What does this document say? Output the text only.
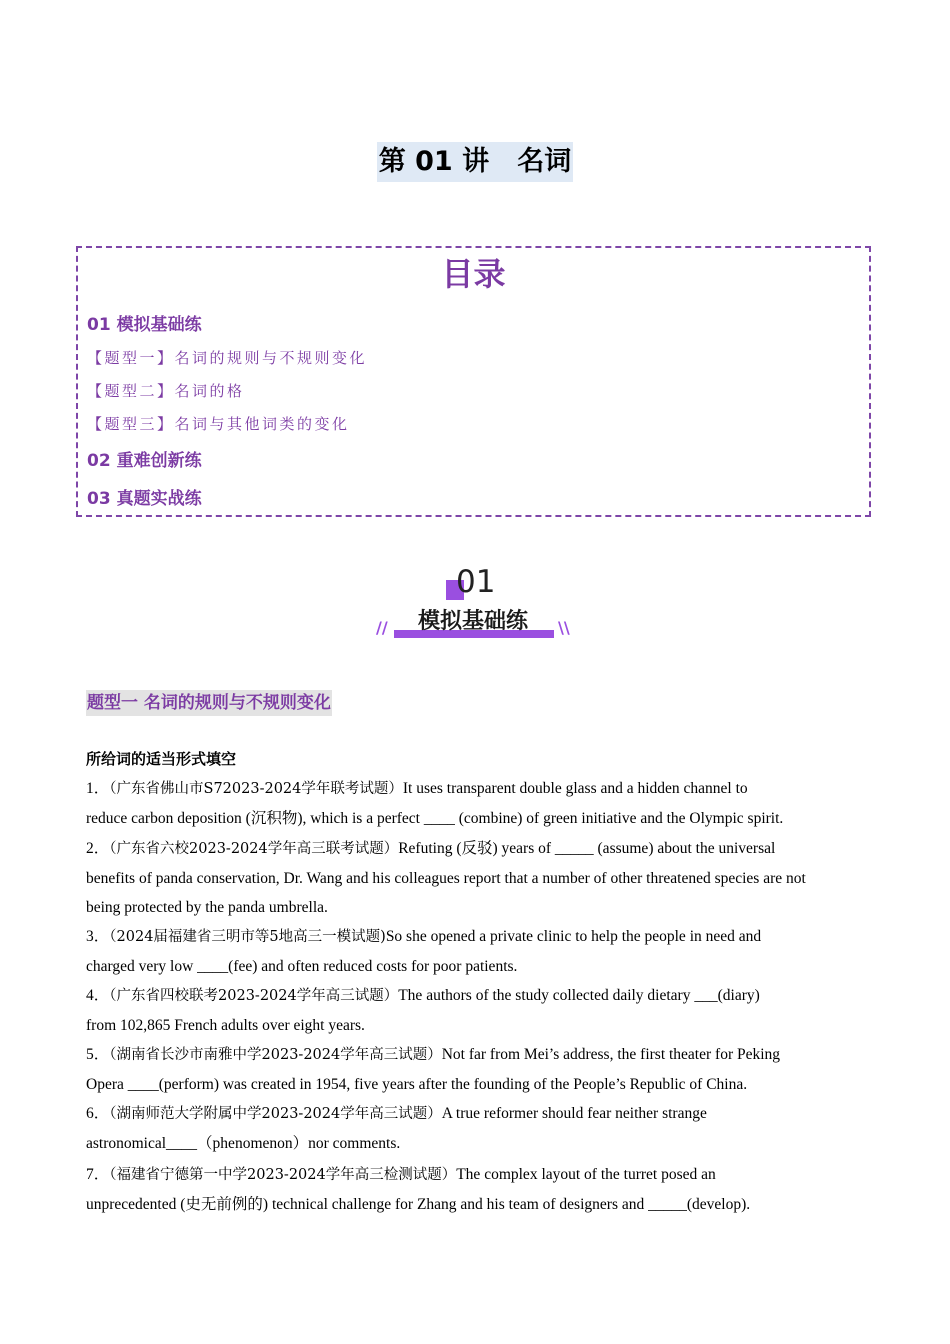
第 01 讲   名词
目录
01 模拟基础练
【题型一】名词的规则与不规则变化
【题型二】名词的格
【题型三】名词与其他词类的变化
02 重难创新练
03 真题实战练
01
模拟基础练
//	\\
题型一 名词的规则与不规则变化
所给词的适当形式填空
1．（广东省佛山市S72023-2024学年联考试题）It uses transparent double glass and a hidden channel to
reduce carbon deposition (沉积物), which is a perfect ____ (combine) of green initiative and the Olympic spirit.
2．（广东省六校2023-2024学年高三联考试题）Refuting (反驳) years of _____ (assume) about the universal
benefits of panda conservation, Dr. Wang and his colleagues report that a number of other threatened species are not
being protected by the panda umbrella.
3．（2024届福建省三明市等5地高三一模试题)So she opened a private clinic to help the people in need and
charged very low ____(fee) and often reduced costs for poor patients.
4．（广东省四校联考2023-2024学年高三试题）The authors of the study collected daily dietary ___(diary)
from 102,865 French adults over eight years.
5．（湖南省长沙市南雅中学2023-2024学年高三试题）Not far from Mei’s address, the first theater for Peking
Opera ____(perform) was created in 1954, five years after the founding of the People’s Republic of China.
6．（湖南师范大学附属中学2023-2024学年高三试题）A true reformer should fear neither strange
astronomical____（phenomenon）nor comments.
7．（福建省宁德第一中学2023-2024学年高三检测试题）The complex layout of the turret posed an
unprecedented (史无前例的) technical challenge for Zhang and his team of designers and _____(develop).
